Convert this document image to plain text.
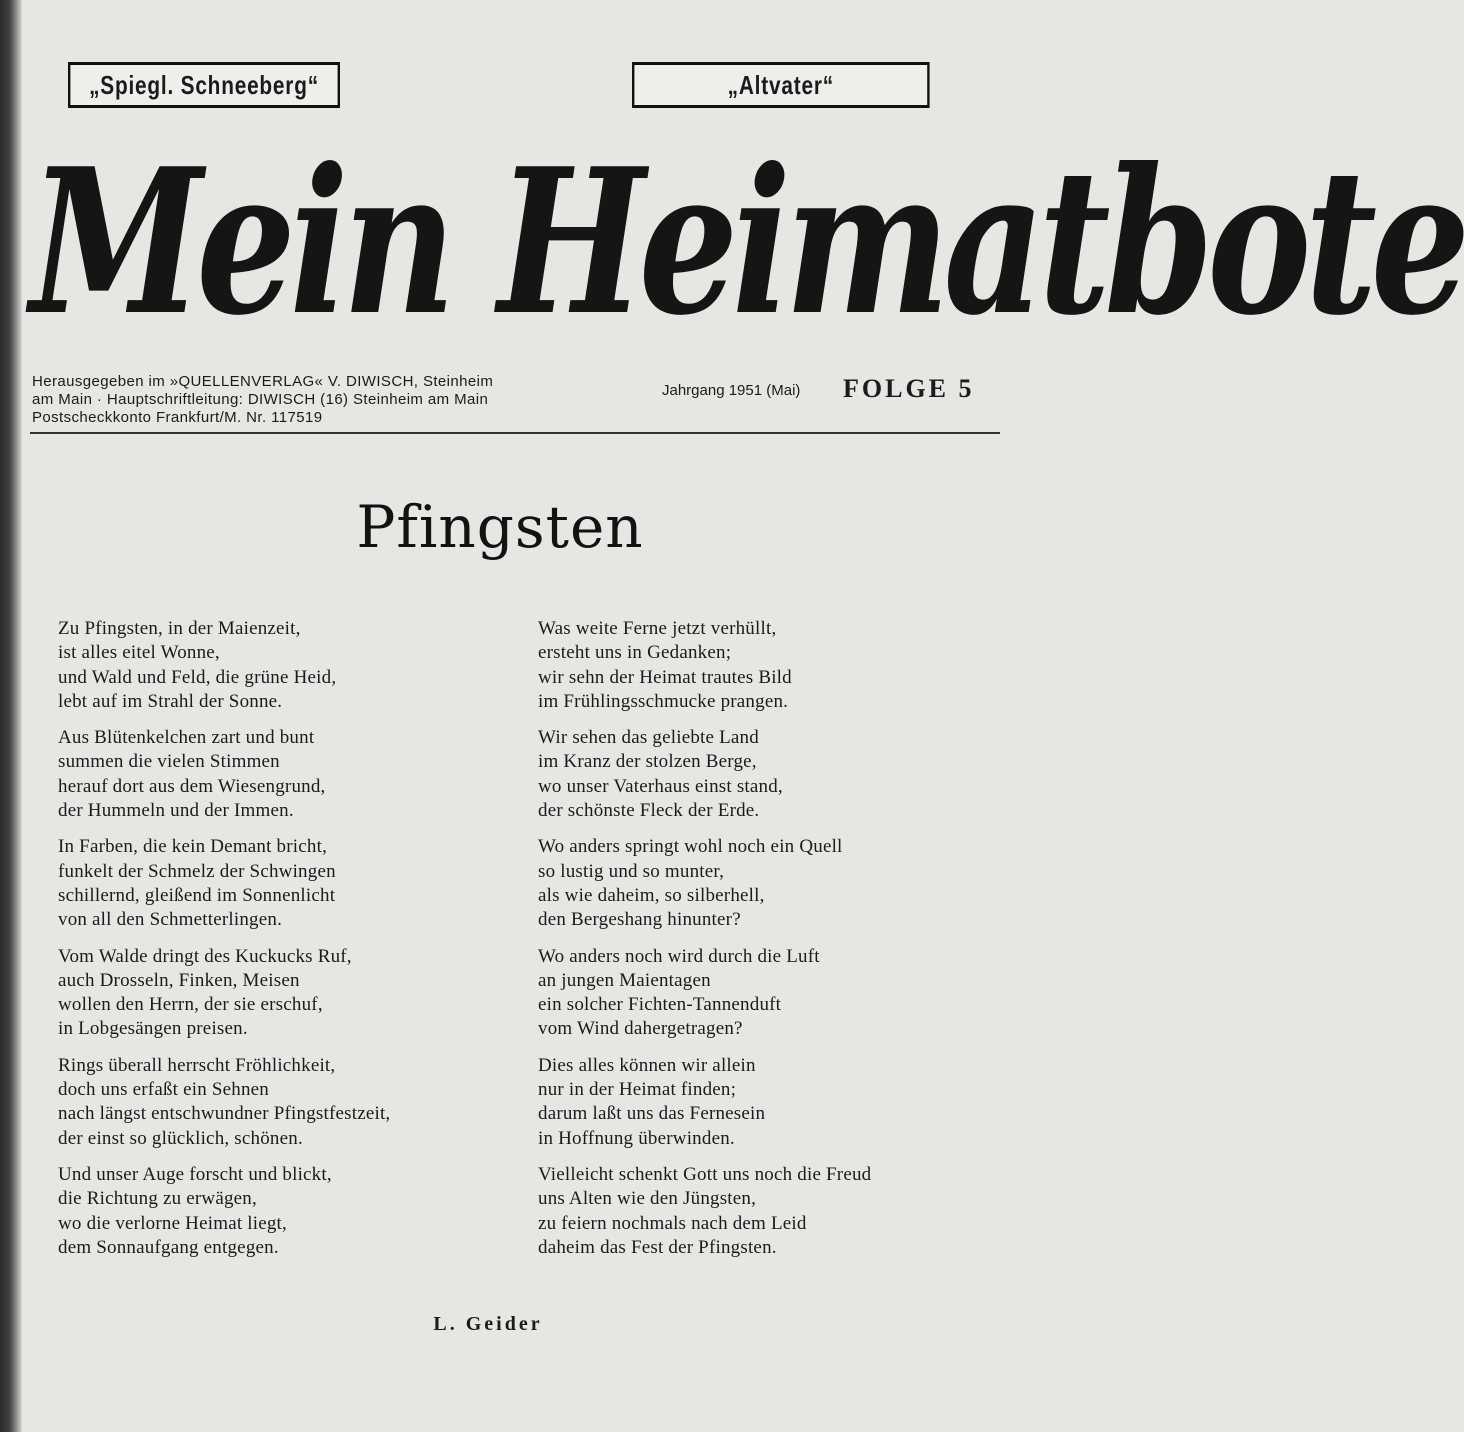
„Spiegl. Schneeberg“	„Altvater“
Mein Heimatbote
Herausgegeben im »QUELLENVERLAG« V. DIWISCH, Steinheim
am Main · Hauptschriftleitung: DIWISCH (16) Steinheim am Main
Postscheckkonto Frankfurt/M. Nr. 117519
Jahrgang 1951 (Mai) FOLGE 5
Pfingsten
Zu Pfingsten, in der Maienzeit,
ist alles eitel Wonne,
und Wald und Feld, die grüne Heid,
lebt auf im Strahl der Sonne.
Aus Blütenkelchen zart und bunt
summen die vielen Stimmen
herauf dort aus dem Wiesengrund,
der Hummeln und der Immen.
In Farben, die kein Demant bricht,
funkelt der Schmelz der Schwingen
schillernd, gleißend im Sonnenlicht
von all den Schmetterlingen.
Vom Walde dringt des Kuckucks Ruf,
auch Drosseln, Finken, Meisen
wollen den Herrn, der sie erschuf,
in Lobgesängen preisen.
Rings überall herrscht Fröhlichkeit,
doch uns erfaßt ein Sehnen
nach längst entschwundner Pfingstfestzeit,
der einst so glücklich, schönen.
Und unser Auge forscht und blickt,
die Richtung zu erwägen,
wo die verlorne Heimat liegt,
dem Sonnaufgang entgegen.
Was weite Ferne jetzt verhüllt,
ersteht uns in Gedanken;
wir sehn der Heimat trautes Bild
im Frühlingsschmucke prangen.
Wir sehen das geliebte Land
im Kranz der stolzen Berge,
wo unser Vaterhaus einst stand,
der schönste Fleck der Erde.
Wo anders springt wohl noch ein Quell
so lustig und so munter,
als wie daheim, so silberhell,
den Bergeshang hinunter?
Wo anders noch wird durch die Luft
an jungen Maientagen
ein solcher Fichten-Tannenduft
vom Wind dahergetragen?
Dies alles können wir allein
nur in der Heimat finden;
darum laßt uns das Fernesein
in Hoffnung überwinden.
Vielleicht schenkt Gott uns noch die Freud
uns Alten wie den Jüngsten,
zu feiern nochmals nach dem Leid
daheim das Fest der Pfingsten.
L. Geider
